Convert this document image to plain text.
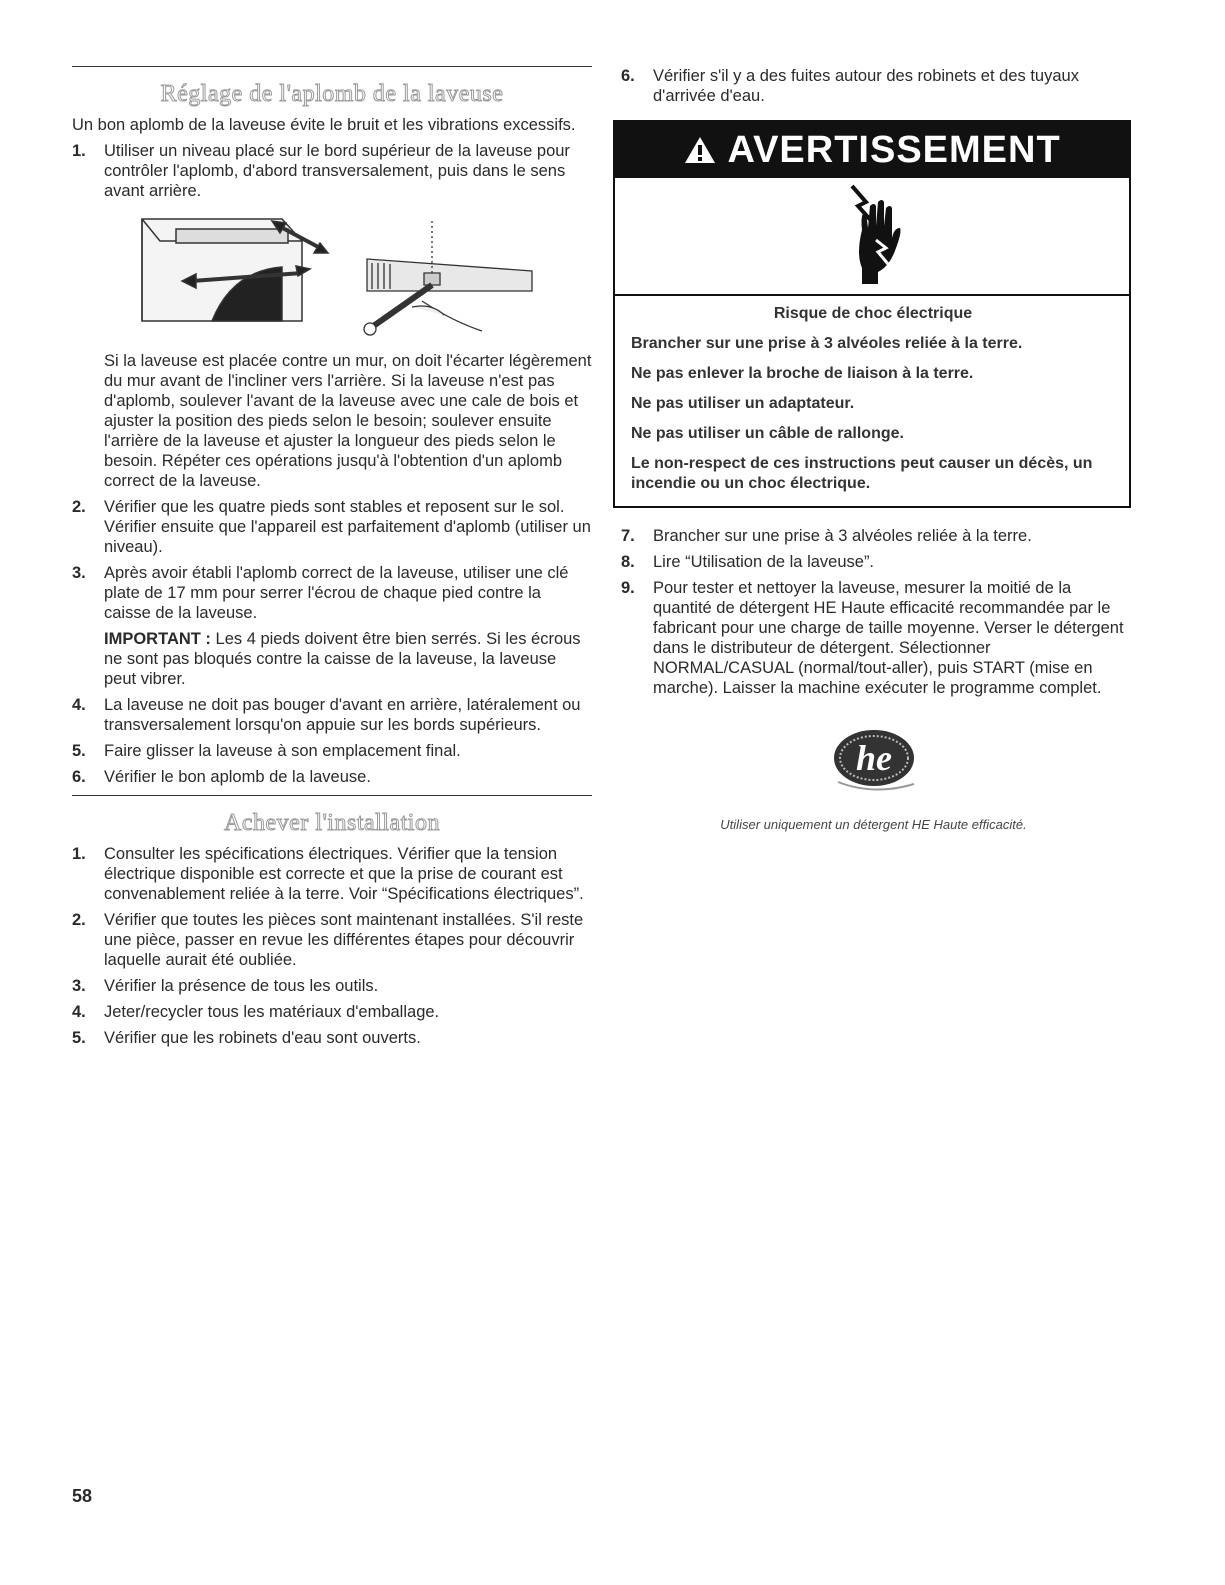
Réglage de l'aplomb de la laveuse

Un bon aplomb de la laveuse évite le bruit et les vibrations excessifs.

1. Utiliser un niveau placé sur le bord supérieur de la laveuse pour contrôler l'aplomb, d'abord transversalement, puis dans le sens avant arrière.

Si la laveuse est placée contre un mur, on doit l'écarter légèrement du mur avant de l'incliner vers l'arrière. Si la laveuse n'est pas d'aplomb, soulever l'avant de la laveuse avec une cale de bois et ajuster la position des pieds selon le besoin; soulever ensuite l'arrière de la laveuse et ajuster la longueur des pieds selon le besoin. Répéter ces opérations jusqu'à l'obtention d'un aplomb correct de la laveuse.

2. Vérifier que les quatre pieds sont stables et reposent sur le sol. Vérifier ensuite que l'appareil est parfaitement d'aplomb (utiliser un niveau).
3. Après avoir établi l'aplomb correct de la laveuse, utiliser une clé plate de 17 mm pour serrer l'écrou de chaque pied contre la caisse de la laveuse.
IMPORTANT : Les 4 pieds doivent être bien serrés. Si les écrous ne sont pas bloqués contre la caisse de la laveuse, la laveuse peut vibrer.
4. La laveuse ne doit pas bouger d'avant en arrière, latéralement ou transversalement lorsqu'on appuie sur les bords supérieurs.
5. Faire glisser la laveuse à son emplacement final.
6. Vérifier le bon aplomb de la laveuse.
Achever l'installation
1. Consulter les spécifications électriques. Vérifier que la tension électrique disponible est correcte et que la prise de courant est convenablement reliée à la terre. Voir “Spécifications électriques”.
2. Vérifier que toutes les pièces sont maintenant installées. S'il reste une pièce, passer en revue les différentes étapes pour découvrir laquelle aurait été oubliée.
3. Vérifier la présence de tous les outils.
4. Jeter/recycler tous les matériaux d'emballage.
5. Vérifier que les robinets d'eau sont ouverts.
6. Vérifier s'il y a des fuites autour des robinets et des tuyaux d'arrivée d'eau.
AVERTISSEMENT
Risque de choc électrique

Brancher sur une prise à 3 alvéoles reliée à la terre.

Ne pas enlever la broche de liaison à la terre.

Ne pas utiliser un adaptateur.

Ne pas utiliser un câble de rallonge.

Le non-respect de ces instructions peut causer un décès, un incendie ou un choc électrique.

7. Brancher sur une prise à 3 alvéoles reliée à la terre.
8. Lire “Utilisation de la laveuse”.
9. Pour tester et nettoyer la laveuse, mesurer la moitié de la quantité de détergent HE Haute efficacité recommandée par le fabricant pour une charge de taille moyenne. Verser le détergent dans le distributeur de détergent. Sélectionner NORMAL/CASUAL (normal/tout-aller), puis START (mise en marche). Laisser la machine exécuter le programme complet.
he
Utiliser uniquement un détergent HE Haute efficacité.
58
